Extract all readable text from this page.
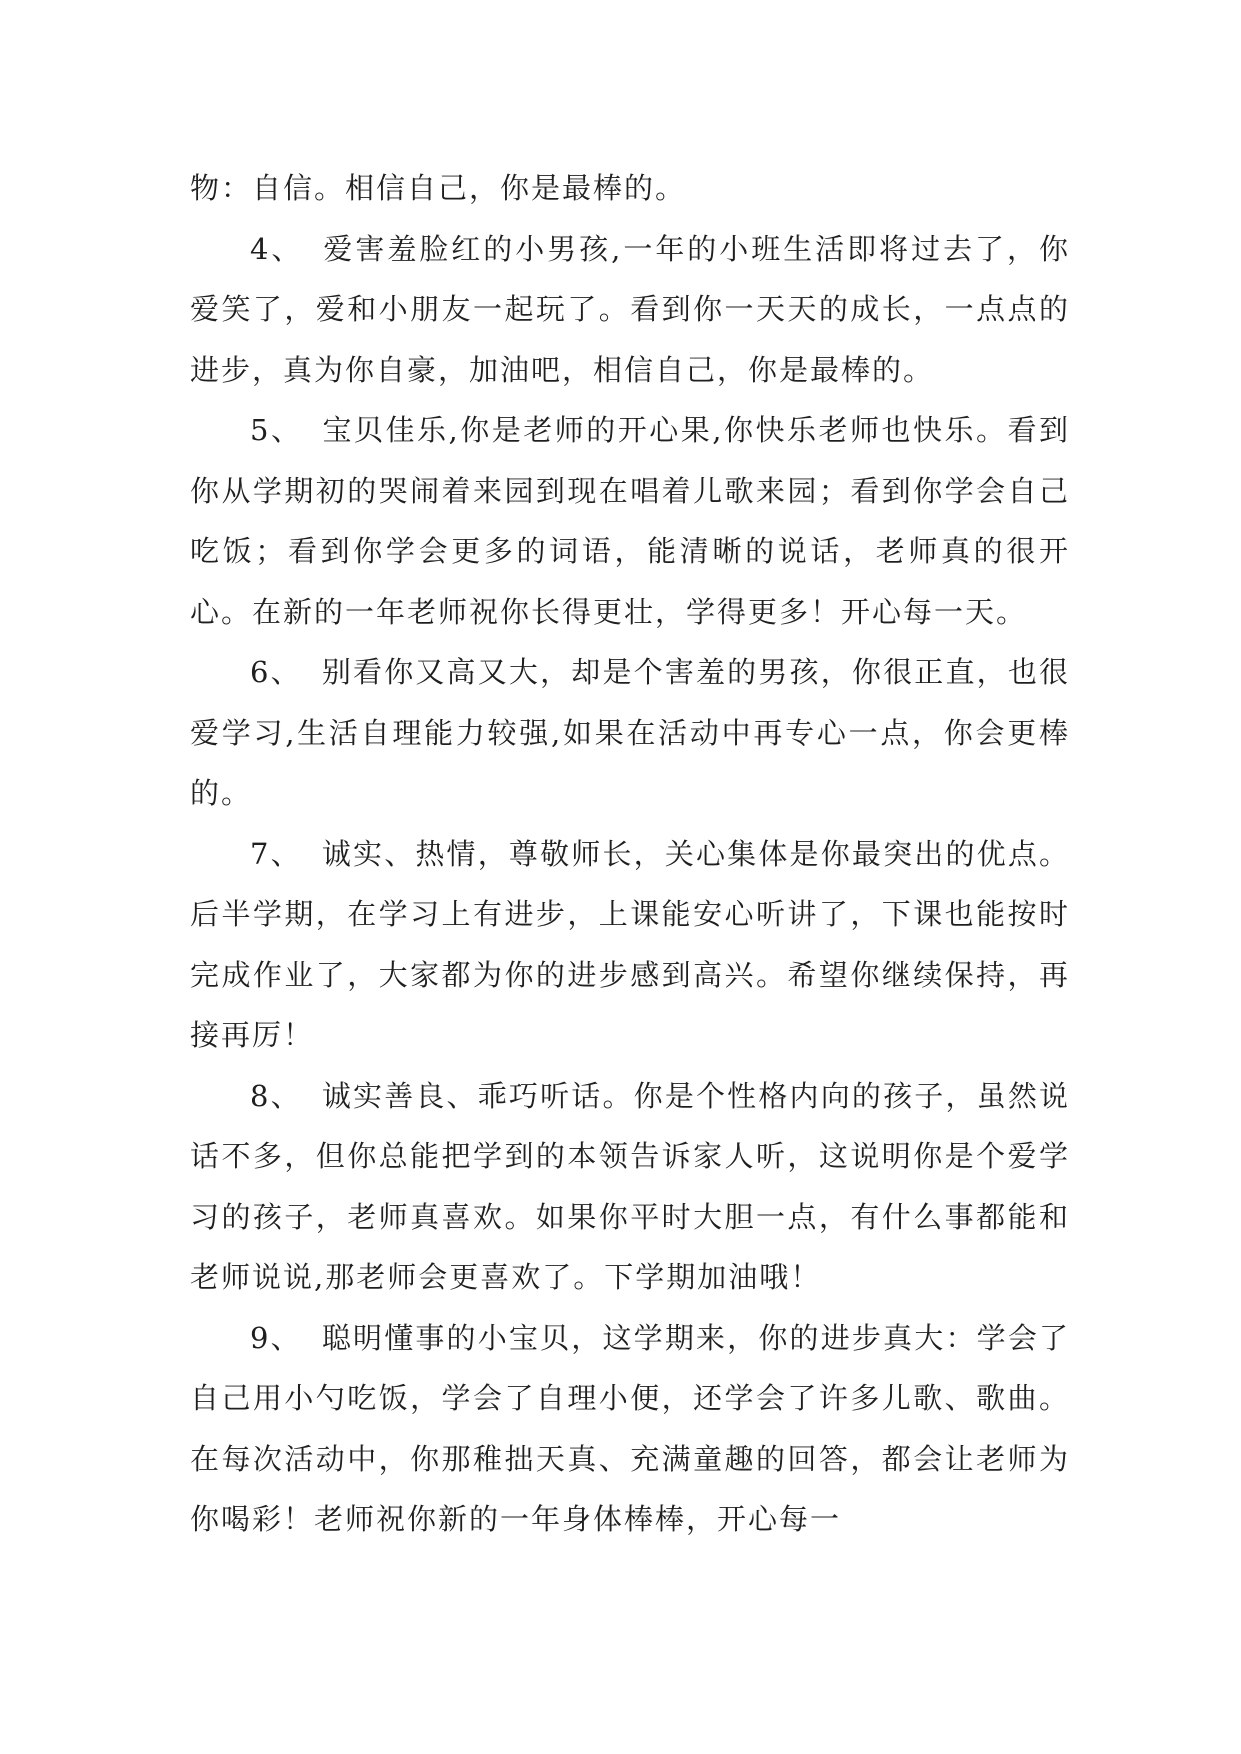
物：自信。相信自己，你是最棒的。

4、 爱害羞脸红的小男孩,一年的小班生活即将过去了，你爱笑了，爱和小朋友一起玩了。看到你一天天的成长，一点点的进步，真为你自豪，加油吧，相信自己，你是最棒的。

5、 宝贝佳乐,你是老师的开心果,你快乐老师也快乐。看到你从学期初的哭闹着来园到现在唱着儿歌来园；看到你学会自己吃饭；看到你学会更多的词语，能清晰的说话，老师真的很开心。在新的一年老师祝你长得更壮，学得更多！开心每一天。

6、 别看你又高又大，却是个害羞的男孩，你很正直，也很爱学习,生活自理能力较强,如果在活动中再专心一点，你会更棒的。

7、 诚实、热情，尊敬师长，关心集体是你最突出的优点。后半学期，在学习上有进步，上课能安心听讲了，下课也能按时完成作业了，大家都为你的进步感到高兴。希望你继续保持，再接再厉！

8、 诚实善良、乖巧听话。你是个性格内向的孩子，虽然说话不多，但你总能把学到的本领告诉家人听，这说明你是个爱学习的孩子，老师真喜欢。如果你平时大胆一点，有什么事都能和老师说说,那老师会更喜欢了。下学期加油哦！

9、 聪明懂事的小宝贝，这学期来，你的进步真大：学会了自己用小勺吃饭，学会了自理小便，还学会了许多儿歌、歌曲。在每次活动中，你那稚拙天真、充满童趣的回答，都会让老师为你喝彩！老师祝你新的一年身体棒棒，开心每一
